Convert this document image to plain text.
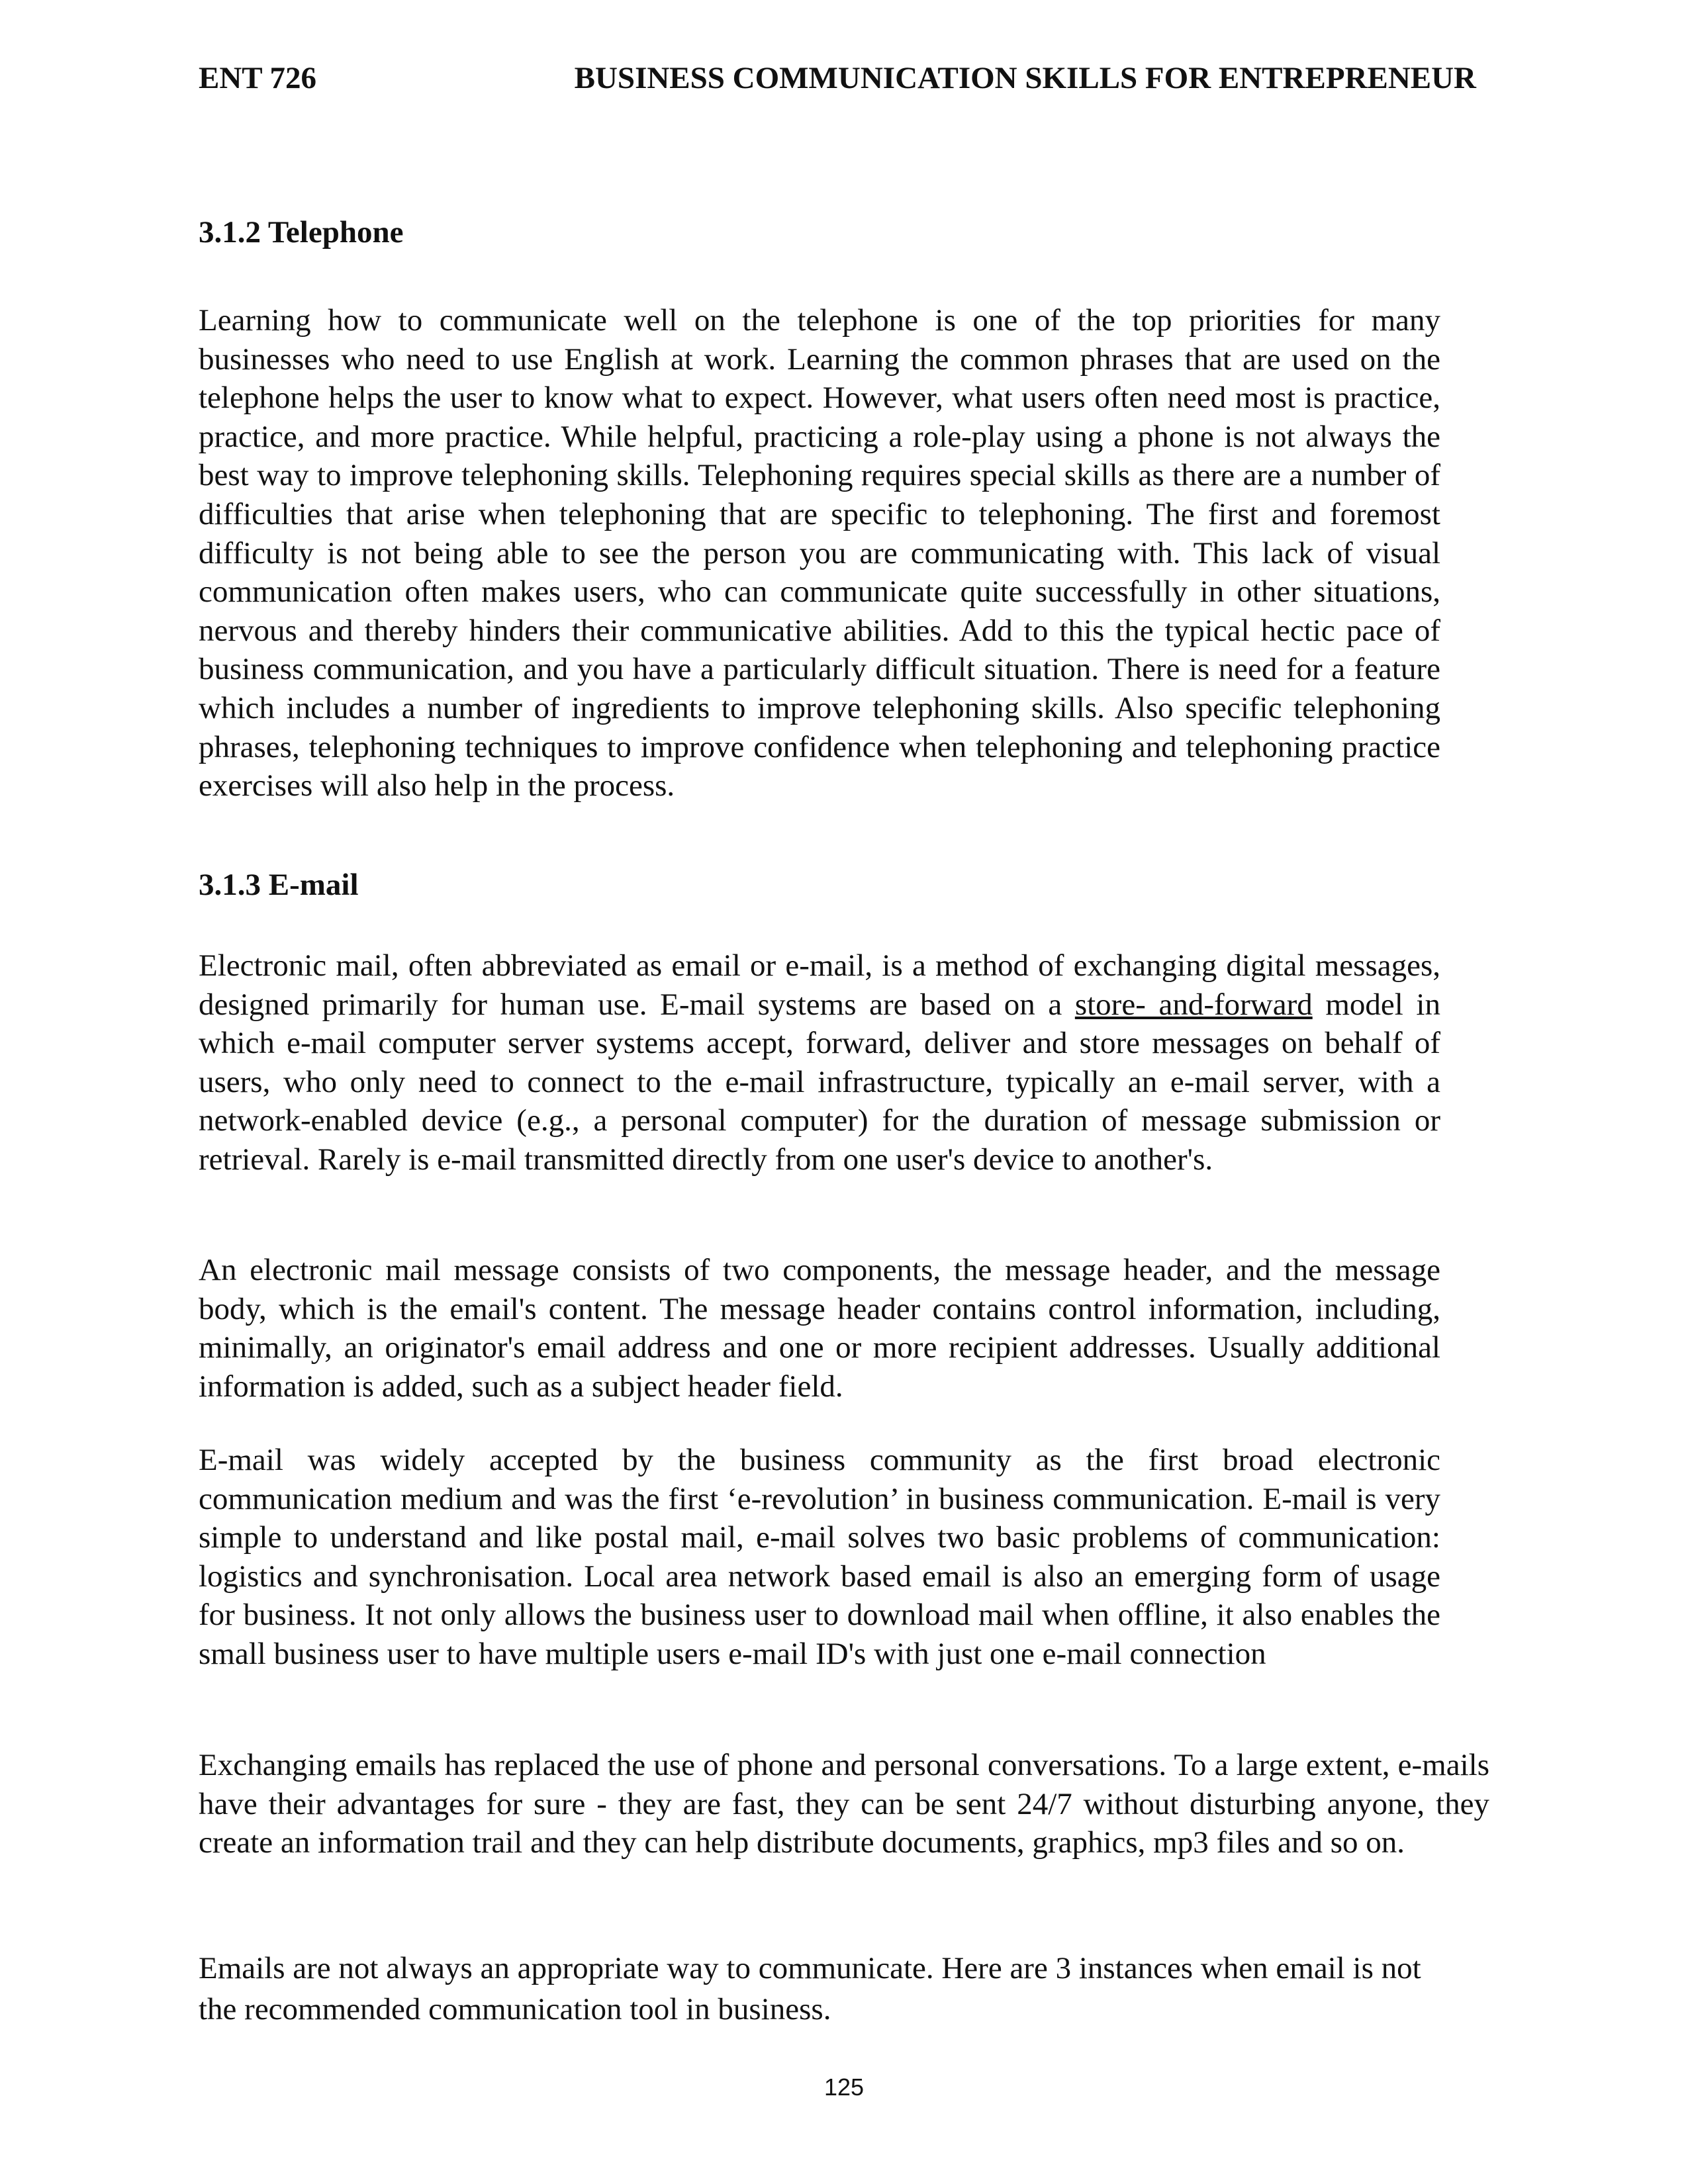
ENT 726	BUSINESS COMMUNICATION SKILLS FOR ENTREPRENEUR
3.1.2 Telephone

Learning how to communicate well on the telephone is one of the top priorities for many businesses who need to use English at work. Learning the common phrases that are used on the telephone helps the user to know what to expect. However, what users often need most is practice, practice, and more practice. While helpful, practicing a role-play using a phone is not always the best way to improve telephoning skills. Telephoning requires special skills as there are a number of difficulties that arise when telephoning that are specific to telephoning. The first and foremost difficulty is not being able to see the person you are communicating with. This lack of visual communication often makes users, who can communicate quite successfully in other situations, nervous and thereby hinders their communicative abilities. Add to this the typical hectic pace of business communication, and you have a particularly difficult situation. There is need for a feature which includes a number of ingredients to improve telephoning skills. Also specific telephoning phrases, telephoning techniques to improve confidence when telephoning and telephoning practice exercises will also help in the process.

3.1.3 E-mail

Electronic mail, often abbreviated as email or e-mail, is a method of exchanging digital messages, designed primarily for human use. E-mail systems are based on a store- and-forward model in which e-mail computer server systems accept, forward, deliver and store messages on behalf of users, who only need to connect to the e-mail infrastructure, typically an e-mail server, with a network-enabled device (e.g., a personal computer) for the duration of message submission or retrieval. Rarely is e-mail transmitted directly from one user's device to another's.

An electronic mail message consists of two components, the message header, and the message body, which is the email's content. The message header contains control information, including, minimally, an originator's email address and one or more recipient addresses. Usually additional information is added, such as a subject header field.

E-mail was widely accepted by the business community as the first broad electronic communication medium and was the first ‘e-revolution’ in business communication. E-mail is very simple to understand and like postal mail, e-mail solves two basic problems of communication: logistics and synchronisation. Local area network based email is also an emerging form of usage for business. It not only allows the business user to download mail when offline, it also enables the small business user to have multiple users e-mail ID's with just one e-mail connection

Exchanging emails has replaced the use of phone and personal conversations. To a large extent, e-mails have their advantages for sure - they are fast, they can be sent 24/7 without disturbing anyone, they create an information trail and they can help distribute documents, graphics, mp3 files and so on.

Emails are not always an appropriate way to communicate. Here are 3 instances when email is not the recommended communication tool in business.

125
